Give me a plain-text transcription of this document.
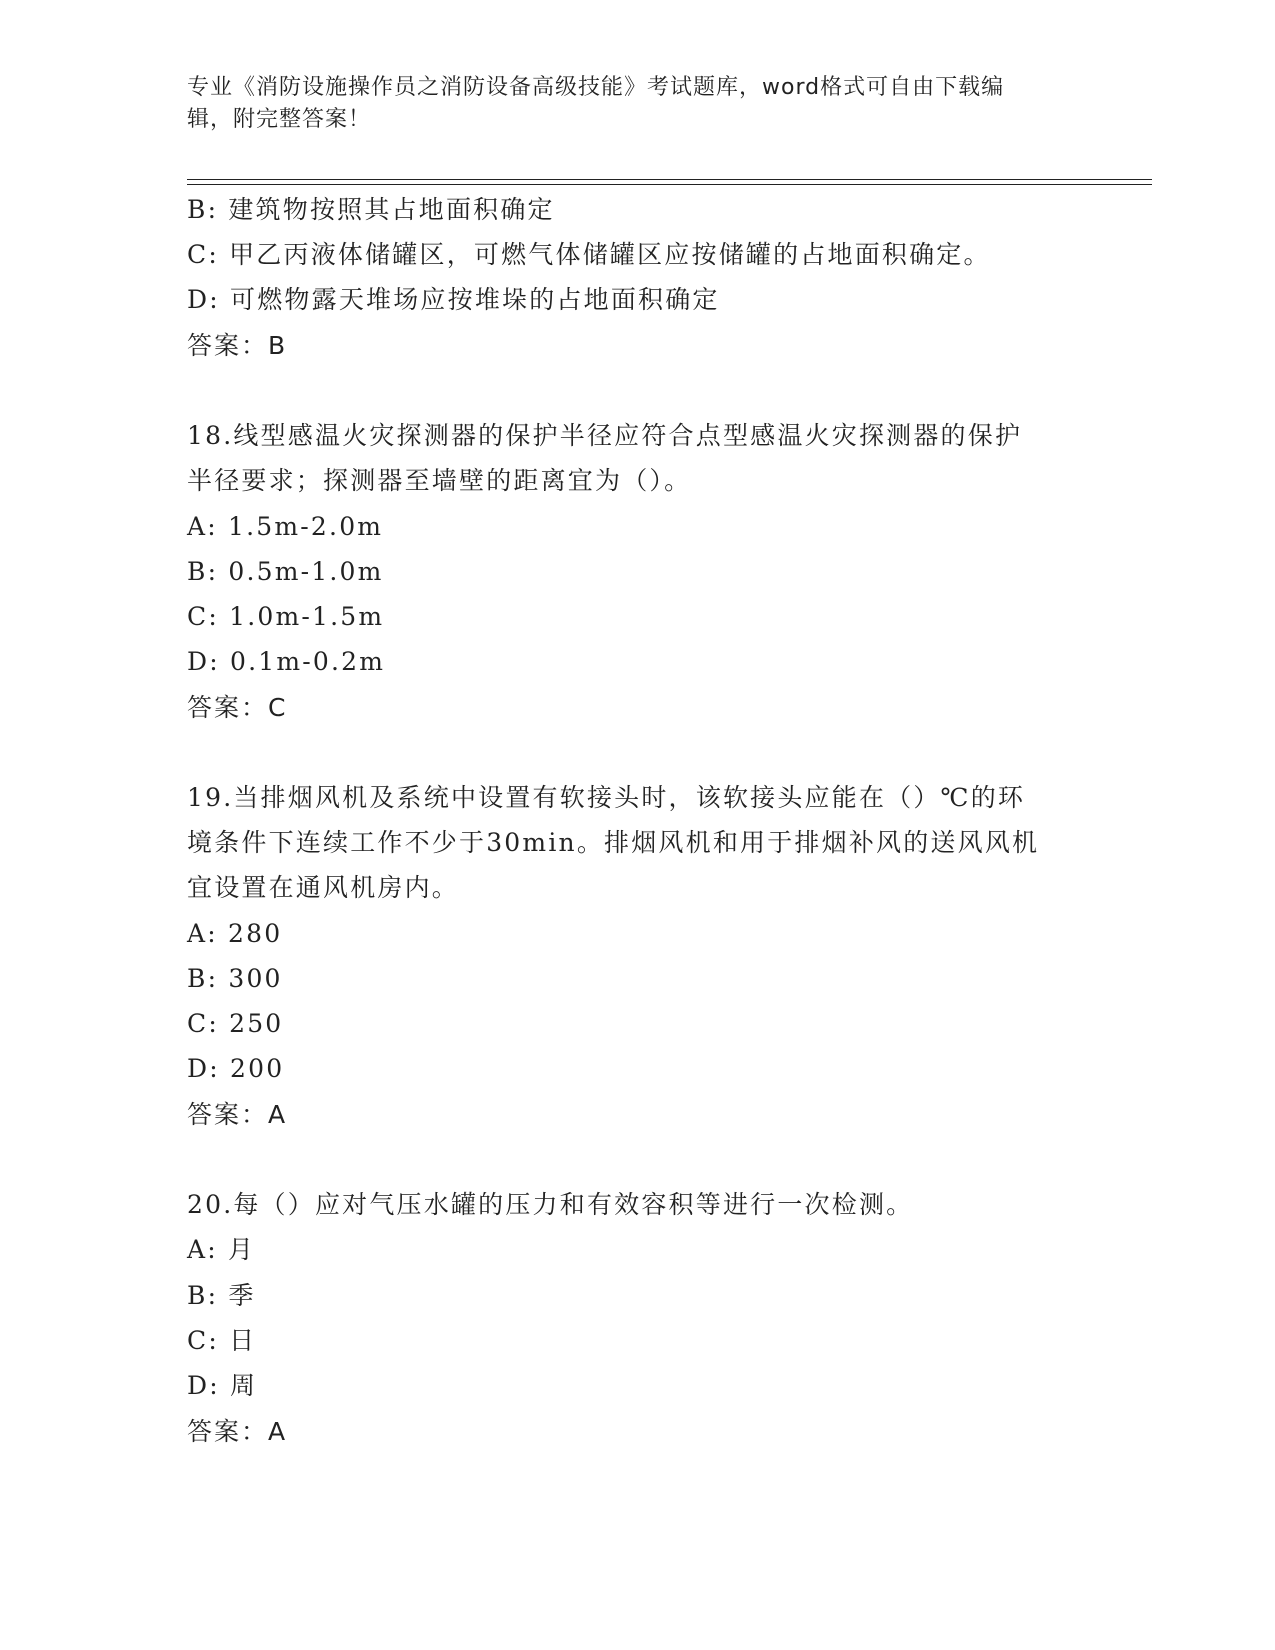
专业《消防设施操作员之消防设备高级技能》考试题库，word格式可自由下载编
辑，附完整答案！
B: 建筑物按照其占地面积确定
C: 甲乙丙液体储罐区，可燃气体储罐区应按储罐的占地面积确定。
D: 可燃物露天堆场应按堆垛的占地面积确定
答案：B
18.线型感温火灾探测器的保护半径应符合点型感温火灾探测器的保护
半径要求；探测器至墙壁的距离宜为（）。
A: 1.5m-2.0m
B: 0.5m-1.0m
C: 1.0m-1.5m
D: 0.1m-0.2m
答案：C
19.当排烟风机及系统中设置有软接头时，该软接头应能在（）℃的环
境条件下连续工作不少于30min。排烟风机和用于排烟补风的送风风机
宜设置在通风机房内。
A: 280
B: 300
C: 250
D: 200
答案：A
20.每（）应对气压水罐的压力和有效容积等进行一次检测。
A: 月
B: 季
C: 日
D: 周
答案：A
